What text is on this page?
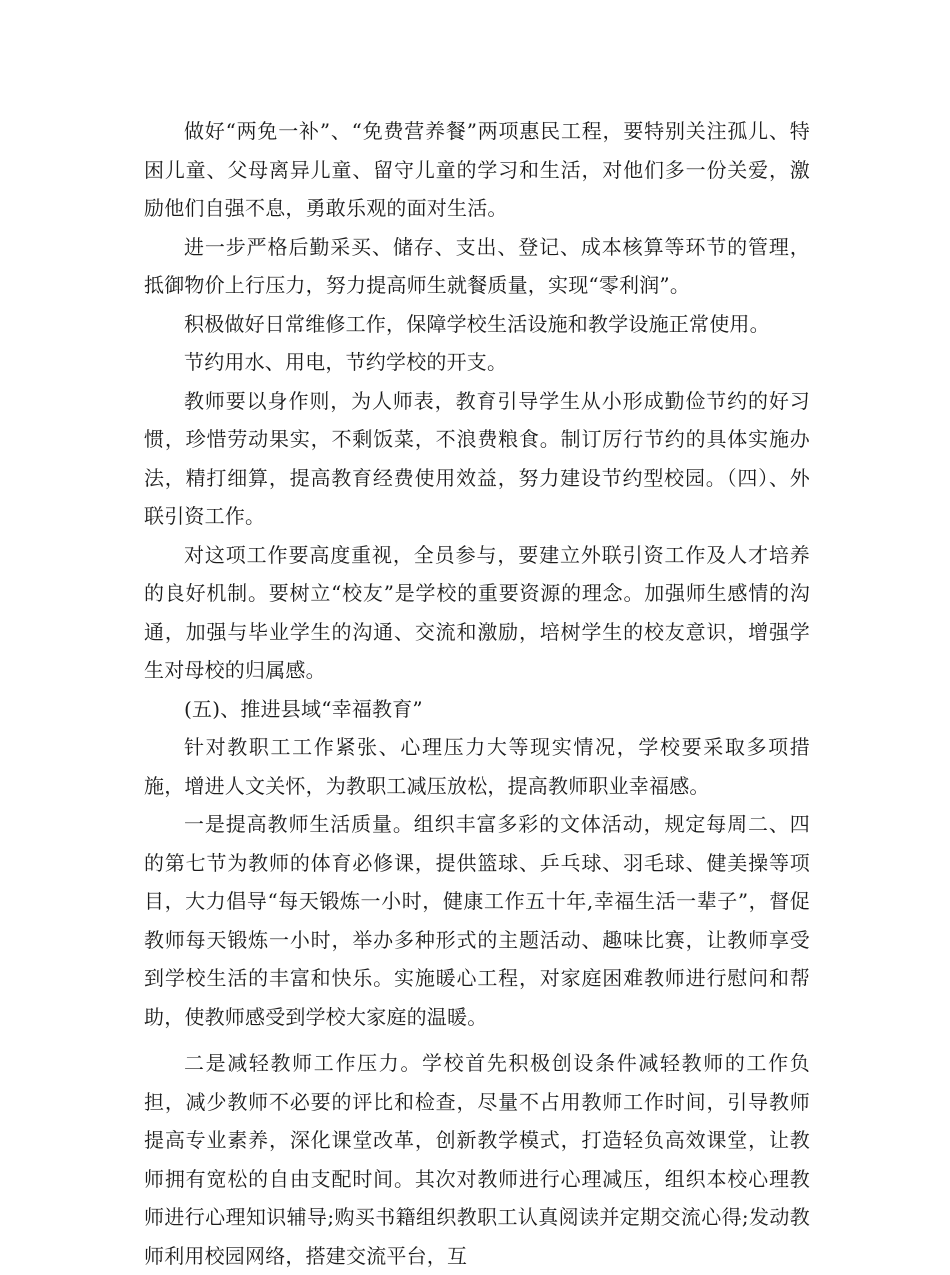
做好“两免一补”、“免费营养餐”两项惠民工程，要特别关注孤儿、特困儿童、父母离异儿童、留守儿童的学习和生活，对他们多一份关爱，激励他们自强不息，勇敢乐观的面对生活。

进一步严格后勤采买、储存、支出、登记、成本核算等环节的管理，抵御物价上行压力，努力提高师生就餐质量，实现“零利润”。

积极做好日常维修工作，保障学校生活设施和教学设施正常使用。

节约用水、用电，节约学校的开支。

教师要以身作则，为人师表，教育引导学生从小形成勤俭节约的好习惯，珍惜劳动果实，不剩饭菜，不浪费粮食。制订厉行节约的具体实施办法，精打细算，提高教育经费使用效益，努力建设节约型校园。（四）、外联引资工作。

对这项工作要高度重视，全员参与，要建立外联引资工作及人才培养的良好机制。要树立“校友”是学校的重要资源的理念。加强师生感情的沟通，加强与毕业学生的沟通、交流和激励，培树学生的校友意识，增强学生对母校的归属感。

(五)、推进县域“幸福教育”

针对教职工工作紧张、心理压力大等现实情况，学校要采取多项措施，增进人文关怀，为教职工减压放松，提高教师职业幸福感。

一是提高教师生活质量。组织丰富多彩的文体活动，规定每周二、四的第七节为教师的体育必修课，提供篮球、乒乓球、羽毛球、健美操等项目，大力倡导“每天锻炼一小时，健康工作五十年,幸福生活一辈子”，督促教师每天锻炼一小时，举办多种形式的主题活动、趣味比赛，让教师享受到学校生活的丰富和快乐。实施暖心工程，对家庭困难教师进行慰问和帮助，使教师感受到学校大家庭的温暖。

二是减轻教师工作压力。学校首先积极创设条件减轻教师的工作负担，减少教师不必要的评比和检查，尽量不占用教师工作时间，引导教师提高专业素养，深化课堂改革，创新教学模式，打造轻负高效课堂，让教师拥有宽松的自由支配时间。其次对教师进行心理减压，组织本校心理教师进行心理知识辅导;购买书籍组织教职工认真阅读并定期交流心得;发动教师利用校园网络，搭建交流平台，互
